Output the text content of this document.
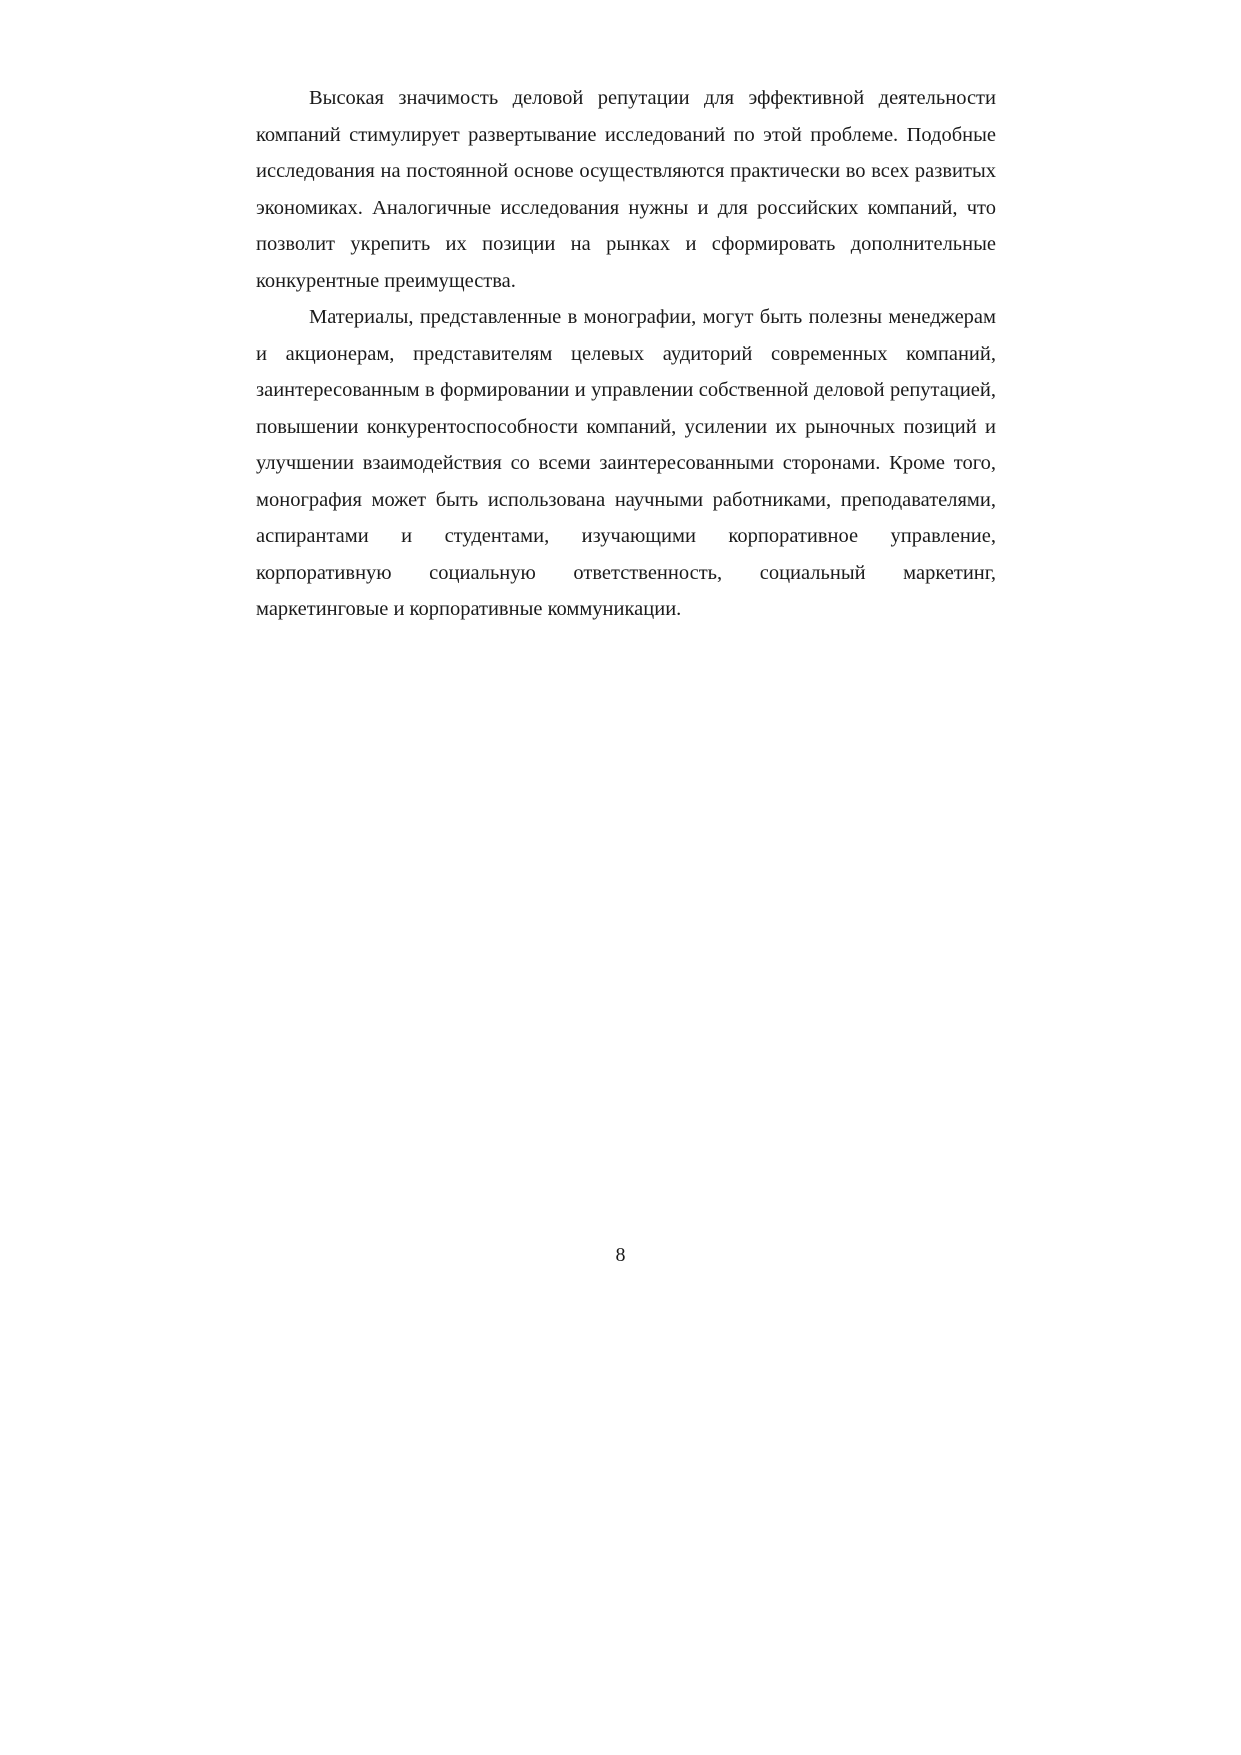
Высокая значимость деловой репутации для эффективной деятельности компаний стимулирует развертывание исследований по этой проблеме. Подобные исследования на постоянной основе осуществляются практически во всех развитых экономиках. Аналогичные исследования нужны и для российских компаний, что позволит укрепить их позиции на рынках и сформировать дополнительные конкурентные преимущества.

Материалы, представленные в монографии, могут быть полезны менеджерам и акционерам, представителям целевых аудиторий современных компаний, заинтересованным в формировании и управлении собственной деловой репутацией, повышении конкурентоспособности компаний, усилении их рыночных позиций и улучшении взаимодействия со всеми заинтересованными сторонами. Кроме того, монография может быть использована научными работниками, преподавателями, аспирантами и студентами, изучающими корпоративное управление, корпоративную социальную ответственность, социальный маркетинг, маркетинговые и корпоративные коммуникации.

8
